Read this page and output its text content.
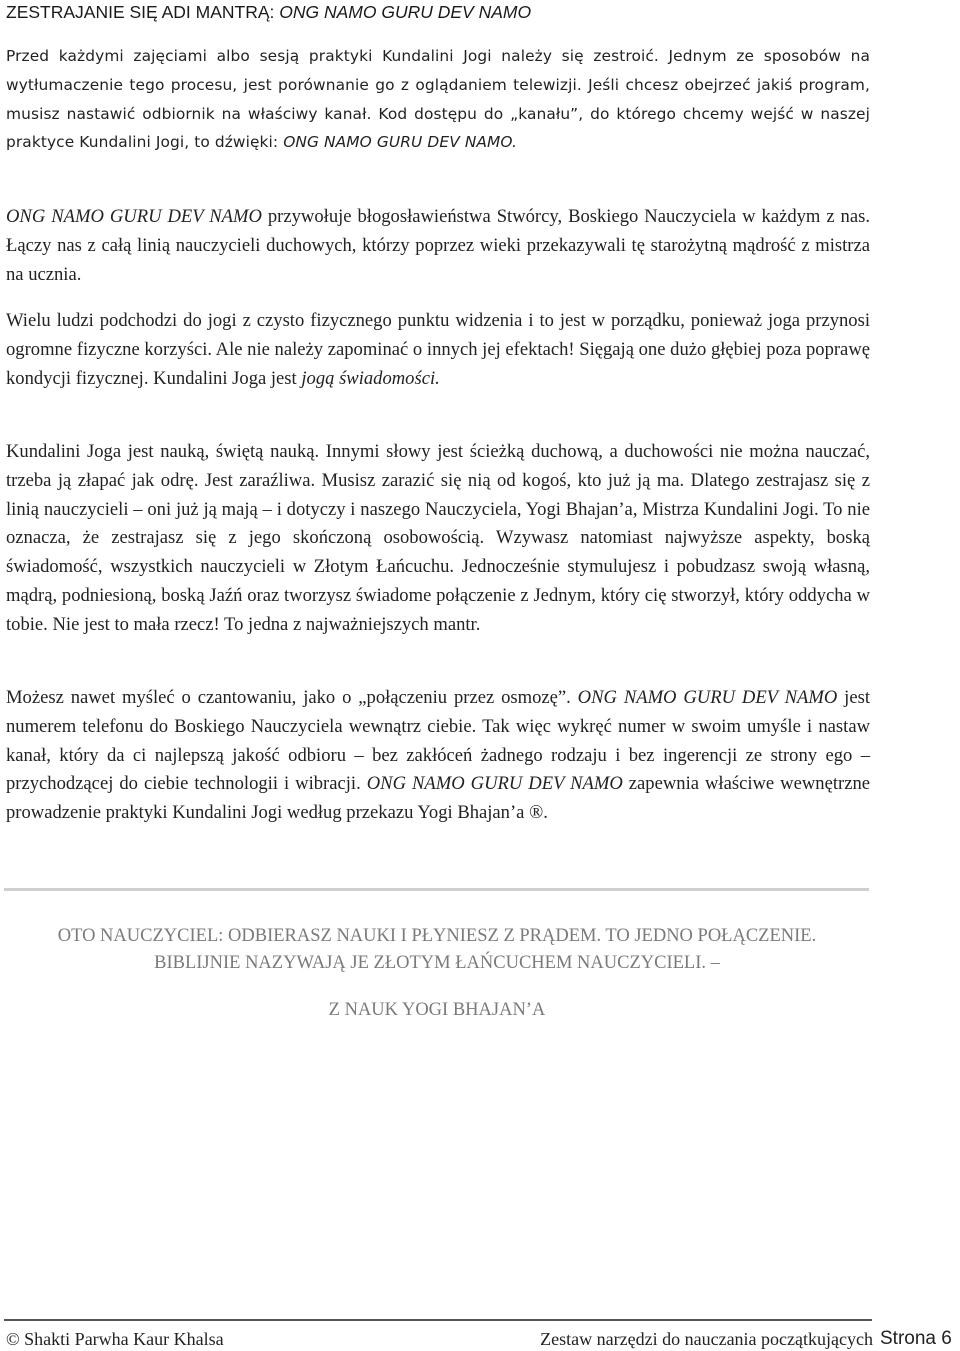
ZESTRAJANIE SIĘ ADI MANTRĄ: ONG NAMO GURU DEV NAMO

Przed każdymi zajęciami albo sesją praktyki Kundalini Jogi należy się zestroić. Jednym ze sposobów na wytłumaczenie tego procesu, jest porównanie go z oglądaniem telewizji. Jeśli chcesz obejrzeć jakiś program, musisz nastawić odbiornik na właściwy kanał. Kod dostępu do „kanału”, do którego chcemy wejść w naszej praktyce Kundalini Jogi, to dźwięki: ONG NAMO GURU DEV NAMO.

ONG NAMO GURU DEV NAMO przywołuje błogosławieństwa Stwórcy, Boskiego Nauczyciela w każdym z nas. Łączy nas z całą linią nauczycieli duchowych, którzy poprzez wieki przekazywali tę starożytną mądrość z mistrza na ucznia.

Wielu ludzi podchodzi do jogi z czysto fizycznego punktu widzenia i to jest w porządku, ponieważ joga przynosi ogromne fizyczne korzyści. Ale nie należy zapominać o innych jej efektach! Sięgają one dużo głębiej poza poprawę kondycji fizycznej. Kundalini Joga jest jogą świadomości.

Kundalini Joga jest nauką, świętą nauką. Innymi słowy jest ścieżką duchową, a duchowości nie można nauczać, trzeba ją złapać jak odrę. Jest zaraźliwa. Musisz zarazić się nią od kogoś, kto już ją ma. Dlatego zestrajasz się z linią nauczycieli – oni już ją mają – i dotyczy i naszego Nauczyciela, Yogi Bhajan’a, Mistrza Kundalini Jogi. To nie oznacza, że zestrajasz się z jego skończoną osobowością. Wzywasz natomiast najwyższe aspekty, boską świadomość, wszystkich nauczycieli w Złotym Łańcuchu. Jednocześnie stymulujesz i pobudzasz swoją własną, mądrą, podniesioną, boską Jaźń oraz tworzysz świadome połączenie z Jednym, który cię stworzył, który oddycha w tobie. Nie jest to mała rzecz! To jedna z najważniejszych mantr.

Możesz nawet myśleć o czantowaniu, jako o „połączeniu przez osmozę”. ONG NAMO GURU DEV NAMO jest numerem telefonu do Boskiego Nauczyciela wewnątrz ciebie. Tak więc wykręć numer w swoim umyśle i nastaw kanał, który da ci najlepszą jakość odbioru – bez zakłóceń żadnego rodzaju i bez ingerencji ze strony ego – przychodzącej do ciebie technologii i wibracji. ONG NAMO GURU DEV NAMO zapewnia właściwe wewnętrzne prowadzenie praktyki Kundalini Jogi według przekazu Yogi Bhajan’a ®.

OTO NAUCZYCIEL: ODBIERASZ NAUKI I PŁYNIESZ Z PRĄDEM. TO JEDNO POŁĄCZENIE.
BIBLIJNIE NAZYWAJĄ JE ZŁOTYM ŁAŃCUCHEM NAUCZYCIELI. –
Z NAUK YOGI BHAJAN’A
© Shakti Parwha Kaur Khalsa	Zestaw narzędzi do nauczania początkujących Strona 6
